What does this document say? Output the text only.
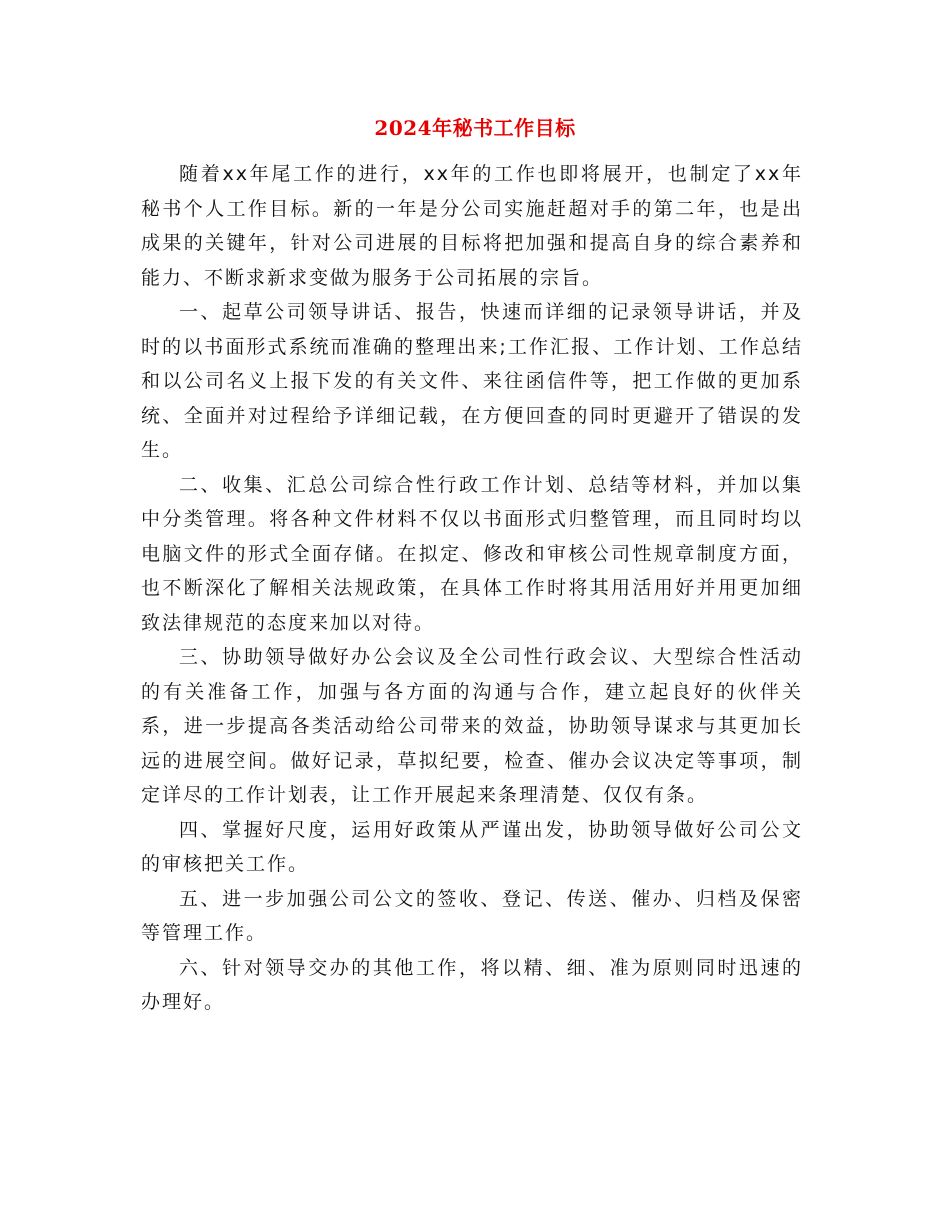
2024年秘书工作目标

随着xx年尾工作的进行，xx年的工作也即将展开，也制定了xx年秘书个人工作目标。新的一年是分公司实施赶超对手的第二年，也是出成果的关键年，针对公司进展的目标将把加强和提高自身的综合素养和能力、不断求新求变做为服务于公司拓展的宗旨。

一、起草公司领导讲话、报告，快速而详细的记录领导讲话，并及时的以书面形式系统而准确的整理出来;工作汇报、工作计划、工作总结和以公司名义上报下发的有关文件、来往函信件等，把工作做的更加系统、全面并对过程给予详细记载，在方便回查的同时更避开了错误的发生。

二、收集、汇总公司综合性行政工作计划、总结等材料，并加以集中分类管理。将各种文件材料不仅以书面形式归整管理，而且同时均以电脑文件的形式全面存储。在拟定、修改和审核公司性规章制度方面，也不断深化了解相关法规政策，在具体工作时将其用活用好并用更加细致法律规范的态度来加以对待。

三、协助领导做好办公会议及全公司性行政会议、大型综合性活动的有关准备工作，加强与各方面的沟通与合作，建立起良好的伙伴关系，进一步提高各类活动给公司带来的效益，协助领导谋求与其更加长远的进展空间。做好记录，草拟纪要，检查、催办会议决定等事项，制定详尽的工作计划表，让工作开展起来条理清楚、仅仅有条。

四、掌握好尺度，运用好政策从严谨出发，协助领导做好公司公文的审核把关工作。

五、进一步加强公司公文的签收、登记、传送、催办、归档及保密等管理工作。

六、针对领导交办的其他工作，将以精、细、准为原则同时迅速的办理好。
